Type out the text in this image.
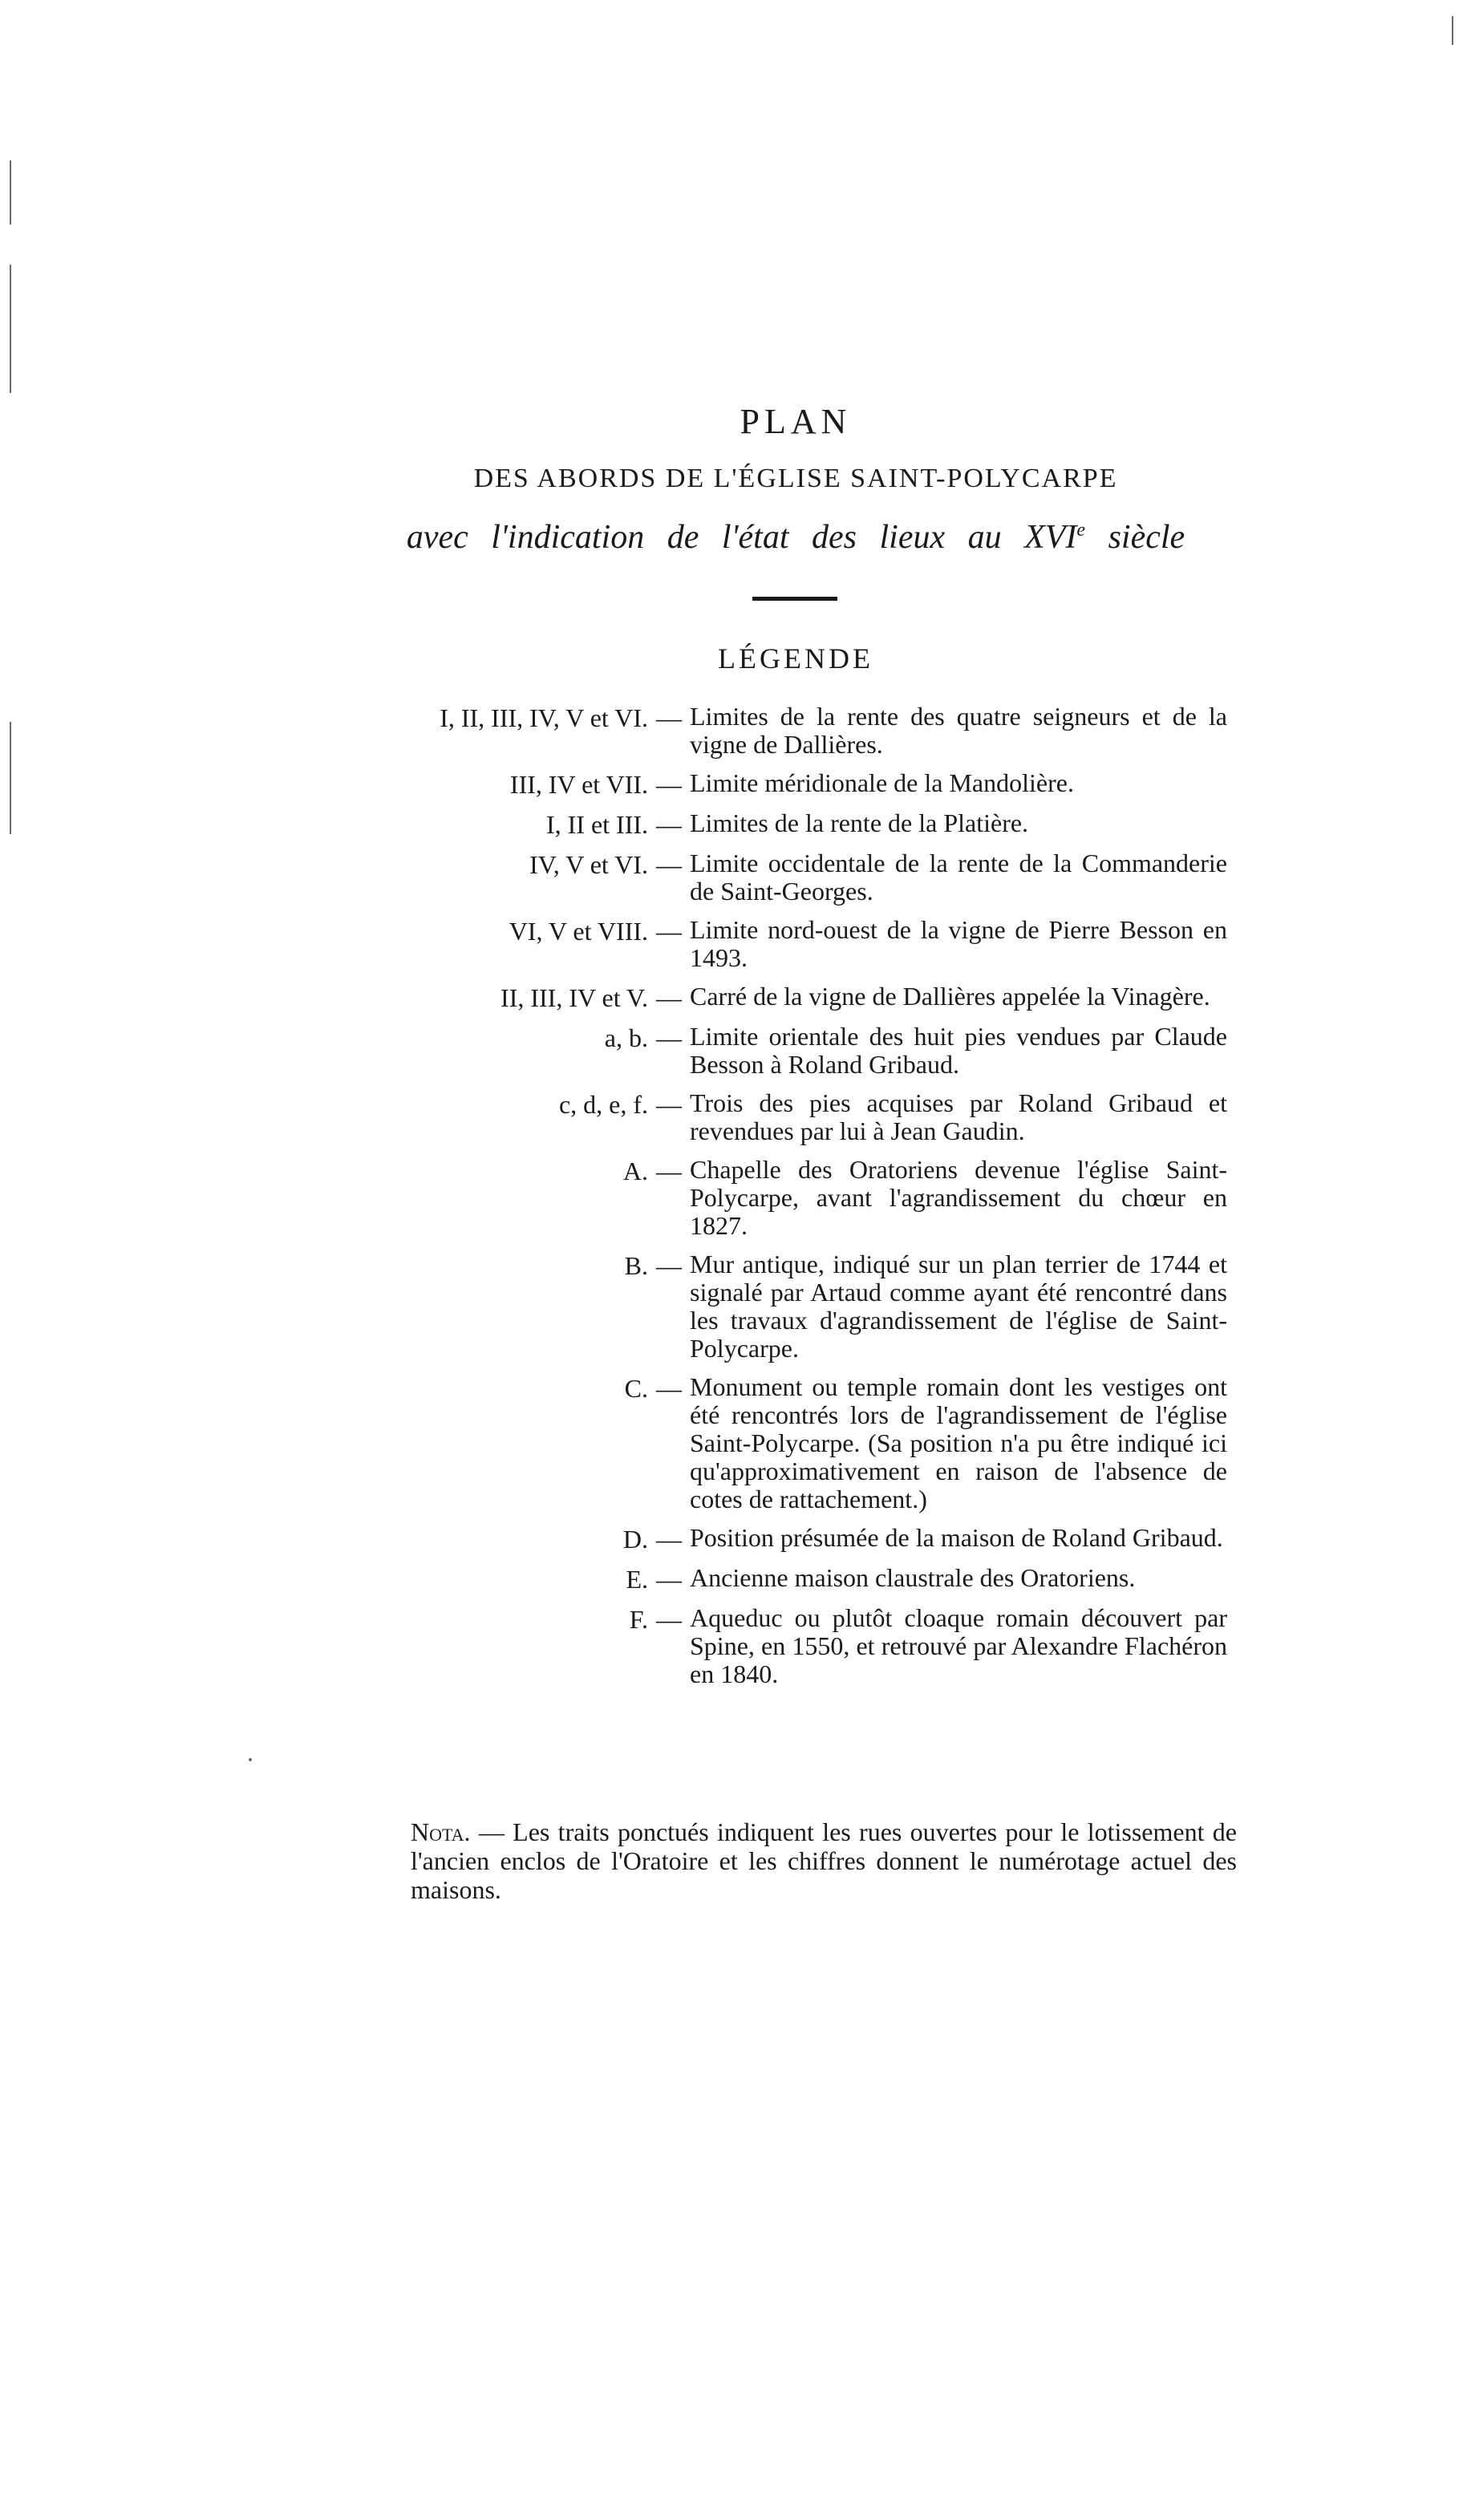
PLAN
DES ABORDS DE L'ÉGLISE SAINT-POLYCARPE
avec l'indication de l'état des lieux au XVIe siècle
LÉGENDE
I, II, III, IV, V et VI. — Limites de la rente des quatre seigneurs et de la vigne de Dallières.
III, IV et VII. — Limite méridionale de la Mandolière.
I, II et III. — Limites de la rente de la Platière.
IV, V et VI. — Limite occidentale de la rente de la Commanderie de Saint-Georges.
VI, V et VIII. — Limite nord-ouest de la vigne de Pierre Besson en 1493.
II, III, IV et V. — Carré de la vigne de Dallières appelée la Vinagère.
a, b. — Limite orientale des huit pies vendues par Claude Besson à Roland Gribaud.
c, d, e, f. — Trois des pies acquises par Roland Gribaud et revendues par lui à Jean Gaudin.
A. — Chapelle des Oratoriens devenue l'église Saint-Polycarpe, avant l'agrandissement du chœur en 1827.
B. — Mur antique, indiqué sur un plan terrier de 1744 et signalé par Artaud comme ayant été rencontré dans les travaux d'agrandissement de l'église de Saint-Polycarpe.
C. — Monument ou temple romain dont les vestiges ont été rencontrés lors de l'agrandissement de l'église Saint-Polycarpe. (Sa position n'a pu être indiqué ici qu'approximativement en raison de l'absence de cotes de rattachement.)
D. — Position présumée de la maison de Roland Gribaud.
E. — Ancienne maison claustrale des Oratoriens.
F. — Aqueduc ou plutôt cloaque romain découvert par Spine, en 1550, et retrouvé par Alexandre Flachéron en 1840.
Nota. — Les traits ponctués indiquent les rues ouvertes pour le lotissement de l'ancien enclos de l'Oratoire et les chiffres donnent le numérotage actuel des maisons.
